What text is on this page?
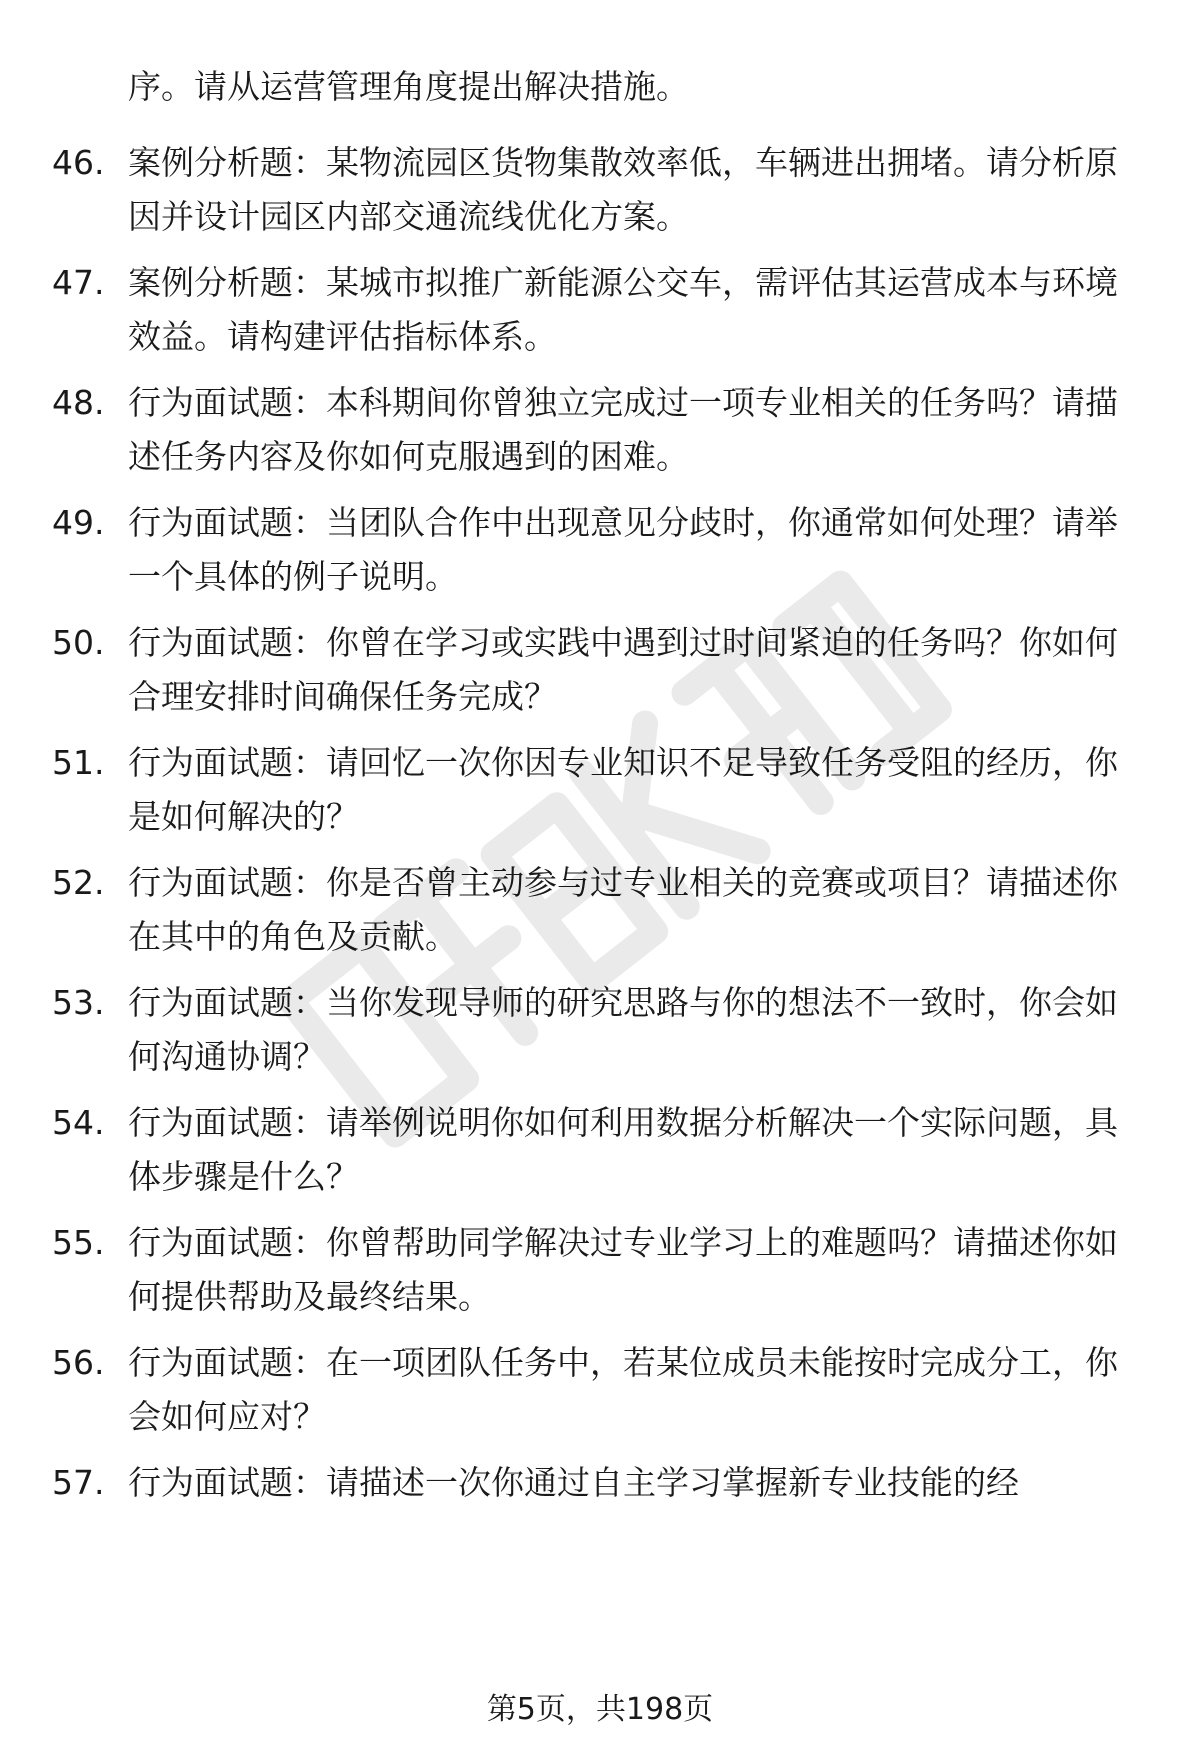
序。请从运营管理角度提出解决措施。
46. 案例分析题：某物流园区货物集散效率低，车辆进出拥堵。请分析原因并设计园区内部交通流线优化方案。
47. 案例分析题：某城市拟推广新能源公交车，需评估其运营成本与环境效益。请构建评估指标体系。
48. 行为面试题：本科期间你曾独立完成过一项专业相关的任务吗？请描述任务内容及你如何克服遇到的困难。
49. 行为面试题：当团队合作中出现意见分歧时，你通常如何处理？请举一个具体的例子说明。
50. 行为面试题：你曾在学习或实践中遇到过时间紧迫的任务吗？你如何合理安排时间确保任务完成？
51. 行为面试题：请回忆一次你因专业知识不足导致任务受阻的经历，你是如何解决的？
52. 行为面试题：你是否曾主动参与过专业相关的竞赛或项目？请描述你在其中的角色及贡献。
53. 行为面试题：当你发现导师的研究思路与你的想法不一致时，你会如何沟通协调？
54. 行为面试题：请举例说明你如何利用数据分析解决一个实际问题，具体步骤是什么？
55. 行为面试题：你曾帮助同学解决过专业学习上的难题吗？请描述你如何提供帮助及最终结果。
56. 行为面试题：在一项团队任务中，若某位成员未能按时完成分工，你会如何应对？
57. 行为面试题：请描述一次你通过自主学习掌握新专业技能的经
第5页，共198页
